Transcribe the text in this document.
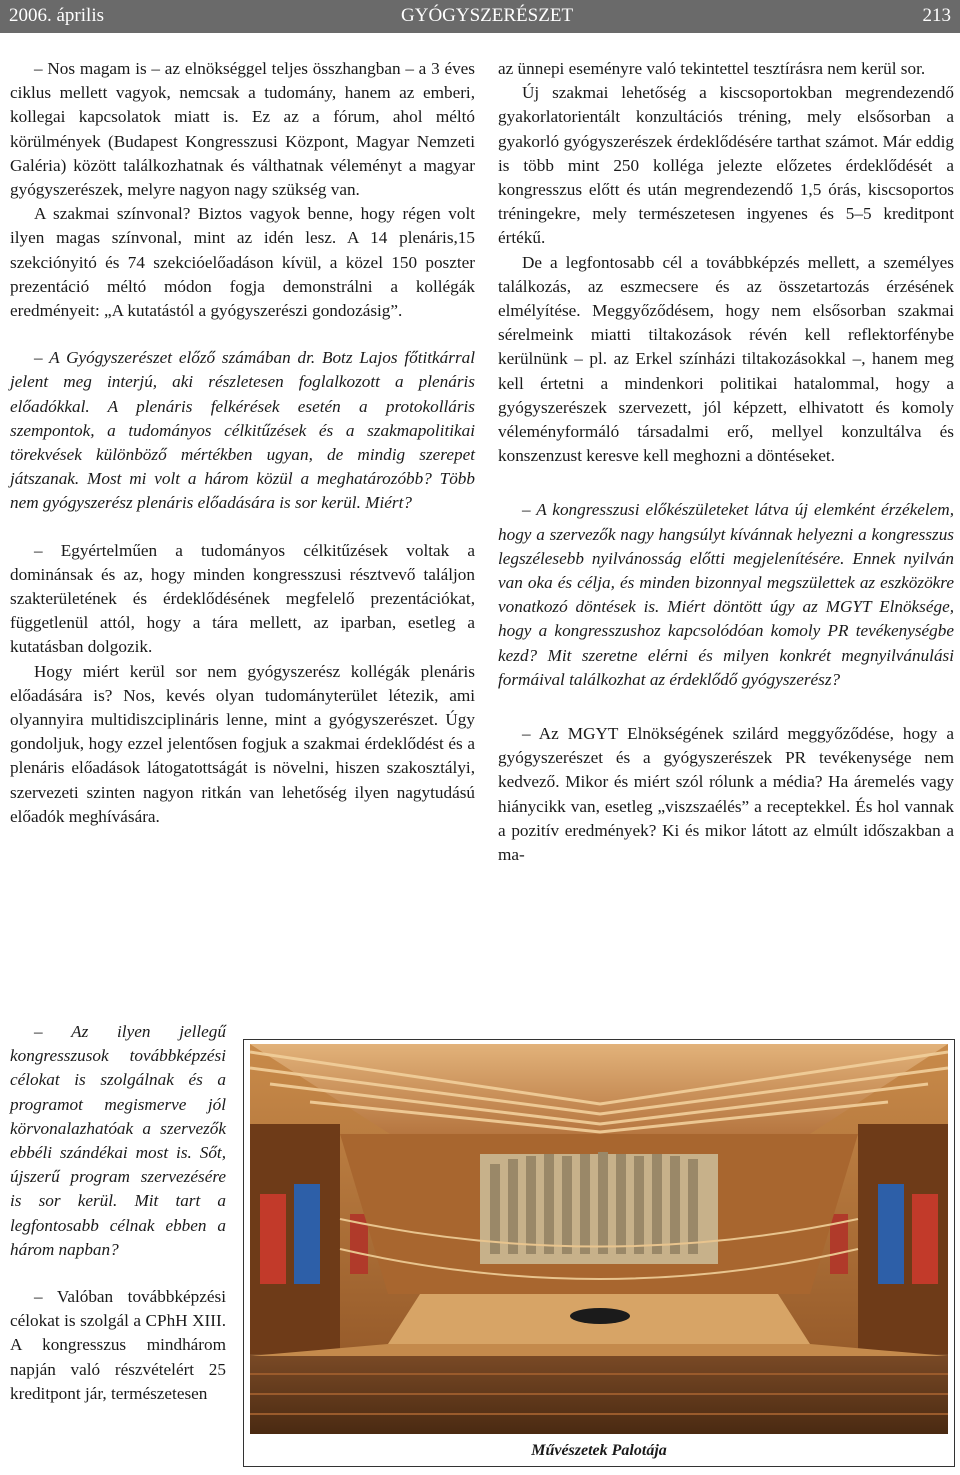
2006. április	GYÓGYSZERÉSZET	213

– Nos magam is – az elnökséggel teljes összhangban – a 3 éves ciklus mellett vagyok, nemcsak a tudomány, hanem az emberi, kollegai kapcsolatok miatt is. Ez az a fórum, ahol méltó körülmények (Budapest Kongresszusi Központ, Magyar Nemzeti Galéria) között találkozhatnak és válthatnak véleményt a magyar gyógyszerészek, melyre nagyon nagy szükség van.

A szakmai színvonal? Biztos vagyok benne, hogy régen volt ilyen magas színvonal, mint az idén lesz. A 14 plenáris,15 szekciónyitó és 74 szekcióelőadáson kívül, a közel 150 poszter prezentáció méltó módon fogja demonstrálni a kollégák eredményeit: „A kutatástól a gyógyszerészi gondozásig”.

– A Gyógyszerészet előző számában dr. Botz Lajos főtitkárral jelent meg interjú, aki részletesen foglalkozott a plenáris előadókkal. A plenáris felkérések esetén a protokolláris szempontok, a tudományos célkitűzések és a szakmapolitikai törekvések különböző mértékben ugyan, de mindig szerepet játszanak. Most mi volt a három közül a meghatározóbb? Több nem gyógyszerész plenáris előadására is sor kerül. Miért?

– Egyértelműen a tudományos célkitűzések voltak a dominánsak és az, hogy minden kongresszusi résztvevő találjon szakterületének és érdeklődésének megfelelő prezentációkat, függetlenül attól, hogy a tára mellett, az iparban, esetleg a kutatásban dolgozik.

Hogy miért kerül sor nem gyógyszerész kollégák plenáris előadására is? Nos, kevés olyan tudományterület létezik, ami olyannyira multidiszciplináris lenne, mint a gyógyszerészet. Úgy gondoljuk, hogy ezzel jelentősen fogjuk a szakmai érdeklődést és a plenáris előadások látogatottságát is növelni, hiszen szakosztályi, szervezeti szinten nagyon ritkán van lehetőség ilyen nagytudású előadók meghívására.

az ünnepi eseményre való tekintettel tesztírásra nem kerül sor.

Új szakmai lehetőség a kiscsoportokban megrendezendő gyakorlatorientált konzultációs tréning, mely elsősorban a gyakorló gyógyszerészek érdeklődésére tarthat számot. Már eddig is több mint 250 kolléga jelezte előzetes érdeklődését a kongresszus előtt és után megrendezendő 1,5 órás, kiscsoportos tréningekre, mely természetesen ingyenes és 5–5 kreditpont értékű.

De a legfontosabb cél a továbbképzés mellett, a személyes találkozás, az eszmecsere és az összetartozás érzésének elmélyítése. Meggyőződésem, hogy nem elsősorban szakmai sérelmeink miatti tiltakozások révén kell reflektorfénybe kerülnünk – pl. az Erkel színházi tiltakozásokkal –, hanem meg kell értetni a mindenkori politikai hatalommal, hogy a gyógyszerészek szervezett, jól képzett, elhivatott és komoly véleményformáló társadalmi erő, mellyel konzultálva és konszenzust keresve kell meghozni a döntéseket.

– A kongresszusi előkészületeket látva új elemként érzékelem, hogy a szervezők nagy hangsúlyt kívánnak helyezni a kongresszus legszélesebb nyilvánosság előtti megjelenítésére. Ennek nyilván van oka és célja, és minden bizonnyal megszülettek az eszközökre vonatkozó döntések is. Miért döntött úgy az MGYT Elnöksége, hogy a kongresszushoz kapcsolódóan komoly PR tevékenységbe kezd? Mit szeretne elérni és milyen konkrét megnyilvánulási formáival találkozhat az érdeklődő gyógyszerész?

– Az MGYT Elnökségének szilárd meggyőződése, hogy a gyógyszerészet és a gyógyszerészek PR tevékenysége nem kedvező. Mikor és miért szól rólunk a média? Ha áremelés vagy hiánycikk van, esetleg „viszszaélés” a receptekkel. És hol vannak a pozitív eredmények? Ki és mikor látott az elmúlt időszakban a ma-

– Az ilyen jellegű kongresszusok továbbképzési célokat is szolgálnak és a programot megismerve jól körvonalazhatóak a szervezők ebbéli szándékai most is. Sőt, újszerű program szervezésére is sor kerül. Mit tart a legfontosabb célnak ebben a három napban?

– Valóban továbbképzési célokat is szolgál a CPhH XIII. A kongresszus mindhárom napján való részvételért 25 kreditpont jár, természetesen

Művészetek Palotája
